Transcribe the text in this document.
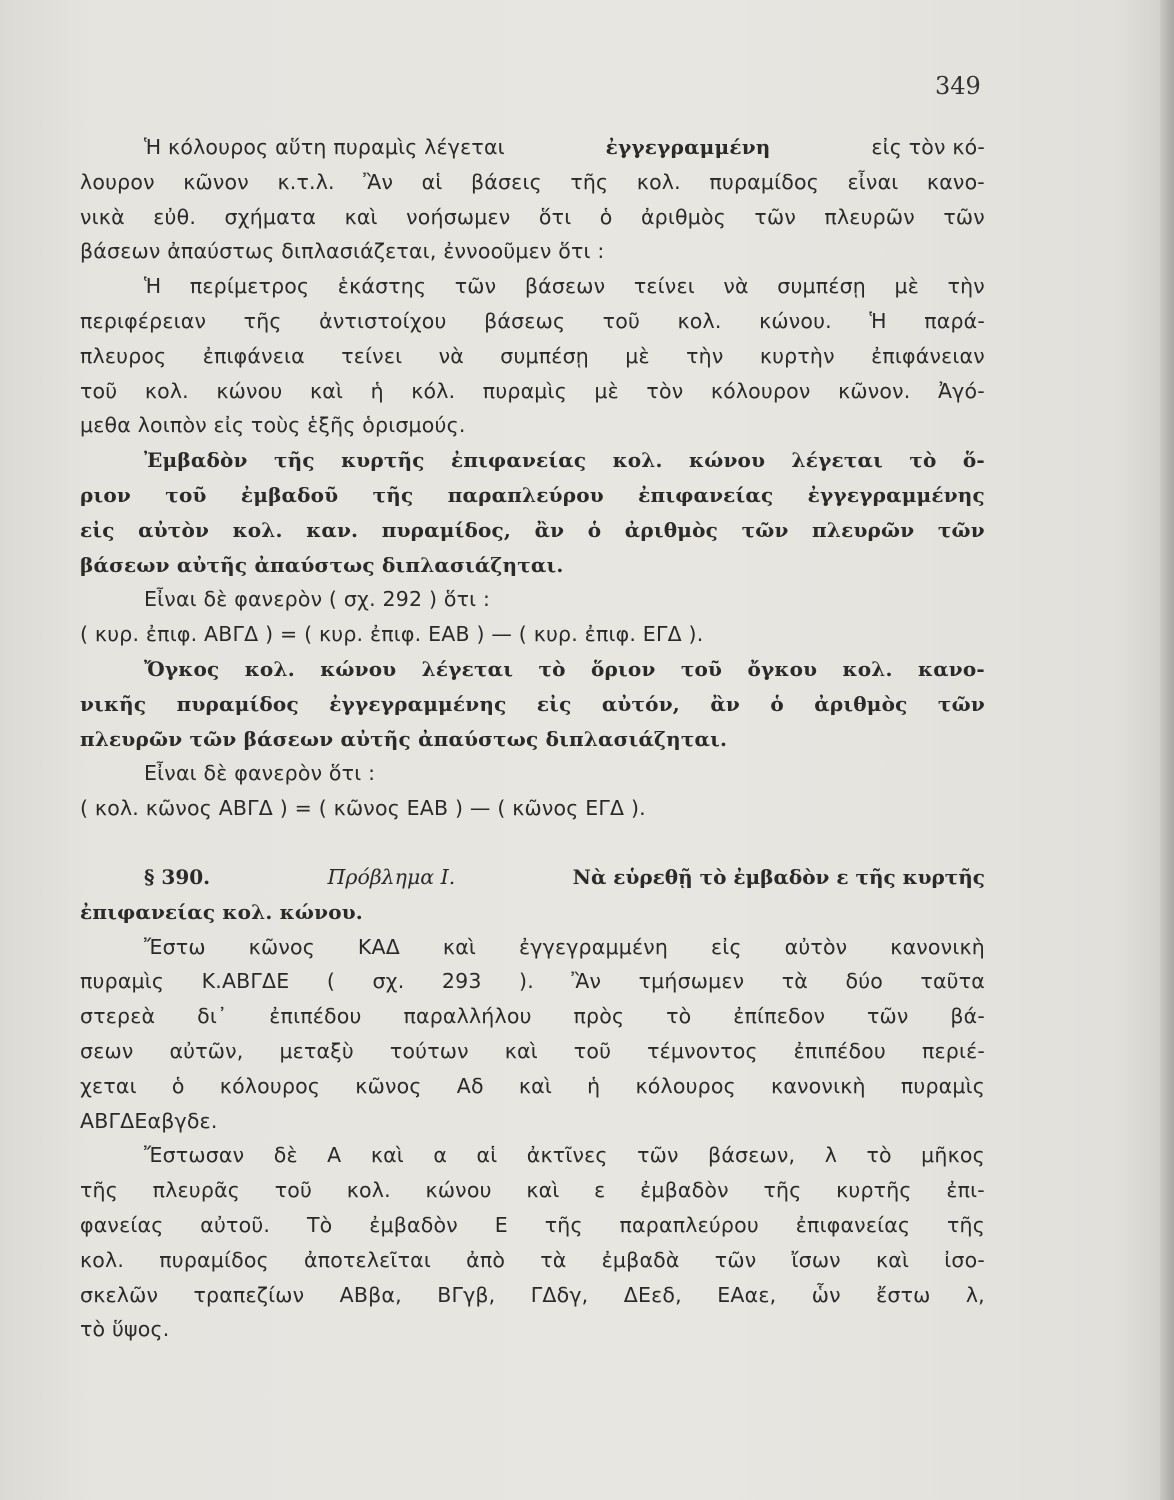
349
Ἡ κόλουρος αὕτη πυραμὶς λέγεται	ἐγγεγραμμένη	εἰς τὸν κό-
λουρον κῶνον κ.τ.λ. Ἂν αἱ βάσεις τῆς κολ. πυραμίδος εἶναι κανο-
νικὰ εὐθ. σχήματα καὶ νοήσωμεν ὅτι ὁ ἀριθμὸς τῶν πλευρῶν τῶν
βάσεων ἀπαύστως διπλασιάζεται, ἐννοοῦμεν ὅτι :
Ἡ περίμετρος ἑκάστης τῶν βάσεων τείνει νὰ συμπέσῃ μὲ τὴν
περιφέρειαν τῆς ἀντιστοίχου βάσεως τοῦ κολ. κώνου. Ἡ παρά-
πλευρος ἐπιφάνεια τείνει νὰ συμπέσῃ μὲ τὴν κυρτὴν ἐπιφάνειαν
τοῦ κολ. κώνου καὶ ἡ κόλ. πυραμὶς μὲ τὸν κόλουρον κῶνον. Ἀγό-
μεθα λοιπὸν εἰς τοὺς ἑξῆς ὁρισμούς.
Ἐμβαδὸν τῆς κυρτῆς ἐπιφανείας κολ. κώνου λέγεται τὸ ὅ-
ριον τοῦ ἐμβαδοῦ τῆς παραπλεύρου ἐπιφανείας ἐγγεγραμμένης
εἰς αὐτὸν κολ. καν. πυραμίδος, ἂν ὁ ἀριθμὸς τῶν πλευρῶν τῶν
βάσεων αὐτῆς ἀπαύστως διπλασιάζηται.
Εἶναι δὲ φανερὸν ( σχ. 292 ) ὅτι :
( κυρ. ἐπιφ. ΑΒΓΔ ) = ( κυρ. ἐπιφ. ΕΑΒ ) — ( κυρ. ἐπιφ. ΕΓΔ ).
Ὄγκος κολ. κώνου λέγεται τὸ ὅριον τοῦ ὄγκου κολ. κανο-
νικῆς πυραμίδος ἐγγεγραμμένης εἰς αὐτόν, ἂν ὁ ἀριθμὸς τῶν
πλευρῶν τῶν βάσεων αὐτῆς ἀπαύστως διπλασιάζηται.
Εἶναι δὲ φανερὸν ὅτι :
( κολ. κῶνος ΑΒΓΔ ) = ( κῶνος ΕΑΒ ) — ( κῶνος ΕΓΔ ).
§ 390.	Πρόβλημα I.	Νὰ εὑρεθῇ τὸ ἐμβαδὸν ε τῆς κυρτῆς
ἐπιφανείας κολ. κώνου.
Ἔστω κῶνος ΚΑΔ καὶ ἐγγεγραμμένη εἰς αὐτὸν κανονικὴ
πυραμὶς Κ.ΑΒΓΔΕ ( σχ. 293 ). Ἂν τμήσωμεν τὰ δύο ταῦτα
στερεὰ δι᾽ ἐπιπέδου παραλλήλου πρὸς τὸ ἐπίπεδον τῶν βά-
σεων αὐτῶν, μεταξὺ τούτων καὶ τοῦ τέμνοντος ἐπιπέδου περιέ-
χεται ὁ κόλουρος κῶνος Αδ καὶ ἡ κόλουρος κανονικὴ πυραμὶς
ΑΒΓΔΕαβγδε.
Ἔστωσαν δὲ Α καὶ α αἱ ἀκτῖνες τῶν βάσεων, λ τὸ μῆκος
τῆς πλευρᾶς τοῦ κολ. κώνου καὶ ε ἐμβαδὸν τῆς κυρτῆς ἐπι-
φανείας αὐτοῦ. Τὸ ἐμβαδὸν Ε τῆς παραπλεύρου ἐπιφανείας τῆς
κολ. πυραμίδος ἀποτελεῖται ἀπὸ τὰ ἐμβαδὰ τῶν ἴσων καὶ ἰσο-
σκελῶν τραπεζίων ΑΒβα, ΒΓγβ, ΓΔδγ, ΔΕεδ, ΕΑαε, ὧν ἔστω λ,
τὸ ὕψος.
